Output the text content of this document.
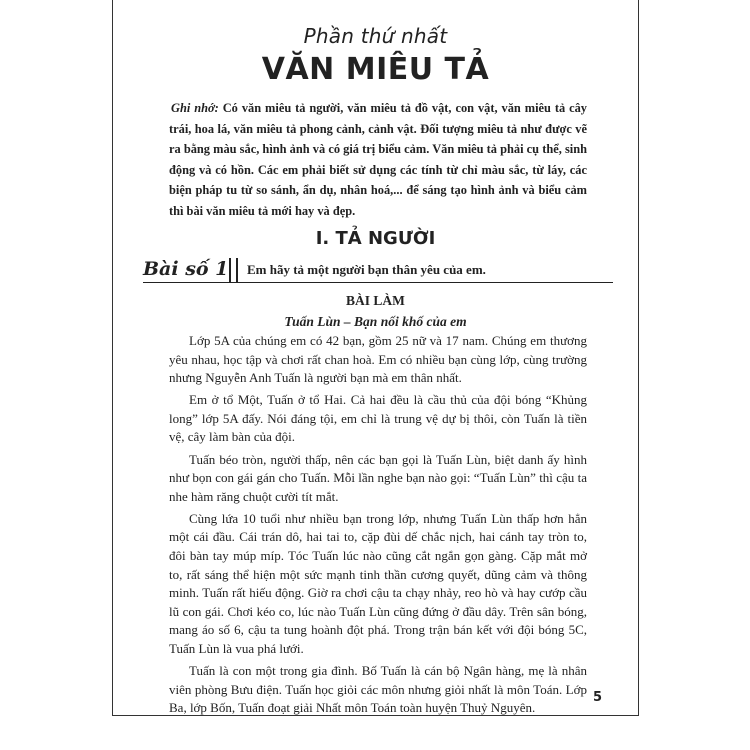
Phần thứ nhất
VĂN MIÊU TẢ
Ghi nhớ: Có văn miêu tả người, văn miêu tả đồ vật, con vật, văn miêu tả cây trái, hoa lá, văn miêu tả phong cảnh, cảnh vật. Đối tượng miêu tả như được vẽ ra bằng màu sắc, hình ảnh và có giá trị biểu cảm. Văn miêu tả phải cụ thể, sinh động và có hồn. Các em phải biết sử dụng các tính từ chỉ màu sắc, từ láy, các biện pháp tu từ so sánh, ẩn dụ, nhân hoá,... để sáng tạo hình ảnh và biểu cảm thì bài văn miêu tả mới hay và đẹp.
I. TẢ NGƯỜI
Bài số 1 Em hãy tả một người bạn thân yêu của em.
BÀI LÀM
Tuấn Lùn – Bạn nối khố của em

Lớp 5A của chúng em có 42 bạn, gồm 25 nữ và 17 nam. Chúng em thương yêu nhau, học tập và chơi rất chan hoà. Em có nhiều bạn cùng lớp, cùng trường nhưng Nguyễn Anh Tuấn là người bạn mà em thân nhất.

Em ở tổ Một, Tuấn ở tổ Hai. Cả hai đều là cầu thủ của đội bóng “Khủng long” lớp 5A đấy. Nói đáng tội, em chỉ là trung vệ dự bị thôi, còn Tuấn là tiền vệ, cây làm bàn của đội.

Tuấn béo tròn, người thấp, nên các bạn gọi là Tuấn Lùn, biệt danh ấy hình như bọn con gái gán cho Tuấn. Mỗi lần nghe bạn nào gọi: “Tuấn Lùn” thì cậu ta nhe hàm răng chuột cười tít mắt.

Cùng lứa 10 tuổi như nhiều bạn trong lớp, nhưng Tuấn Lùn thấp hơn hẳn một cái đầu. Cái trán dô, hai tai to, cặp đùi dế chắc nịch, hai cánh tay tròn to, đôi bàn tay múp míp. Tóc Tuấn lúc nào cũng cắt ngắn gọn gàng. Cặp mắt mở to, rất sáng thể hiện một sức mạnh tinh thần cương quyết, dũng cảm và thông minh. Tuấn rất hiếu động. Giờ ra chơi cậu ta chạy nhảy, reo hò và hay cướp cầu lũ con gái. Chơi kéo co, lúc nào Tuấn Lùn cũng đứng ở đầu dây. Trên sân bóng, mang áo số 6, cậu ta tung hoành đột phá. Trong trận bán kết với đội bóng 5C, Tuấn Lùn là vua phá lưới.

Tuấn là con một trong gia đình. Bố Tuấn là cán bộ Ngân hàng, mẹ là nhân viên phòng Bưu điện. Tuấn học giỏi các môn nhưng giỏi nhất là môn Toán. Lớp Ba, lớp Bốn, Tuấn đoạt giải Nhất môn Toán toàn huyện Thuỷ Nguyên.

5
